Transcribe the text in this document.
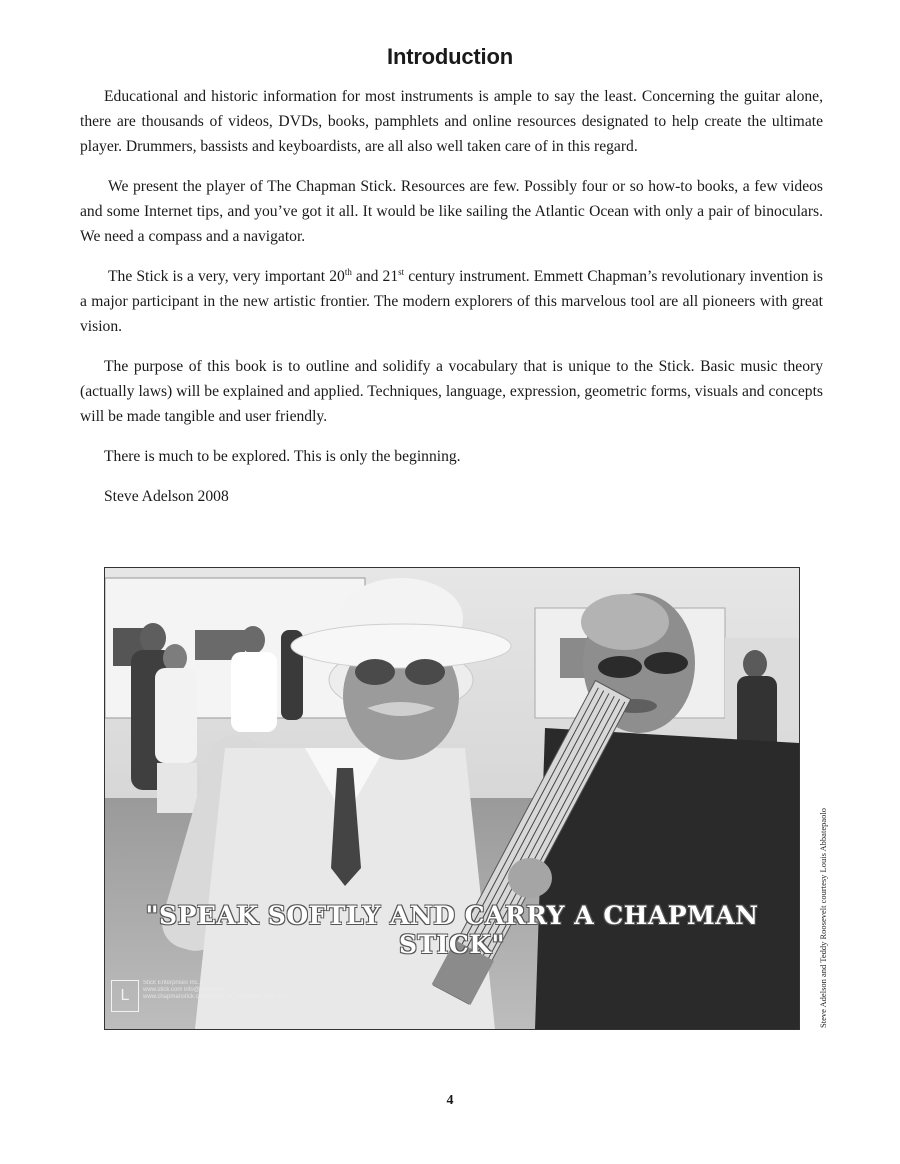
Introduction

Educational and historic information for most instruments is ample to say the least. Concerning the guitar alone, there are thousands of videos, DVDs, books, pamphlets and online resources designated to help create the ultimate player. Drummers, bassists and keyboardists, are all also well taken care of in this regard.

We present the player of The Chapman Stick. Resources are few. Possibly four or so how-to books, a few videos and some Internet tips, and you’ve got it all. It would be like sailing the Atlantic Ocean with only a pair of binoculars. We need a compass and a navigator.

The Stick is a very, very important 20th and 21st century instrument. Emmett Chapman’s revolutionary invention is a major participant in the new artistic frontier. The modern explorers of this marvelous tool are all pioneers with great vision.

The purpose of this book is to outline and solidify a vocabulary that is unique to the Stick. Basic music theory (actually laws) will be explained and applied. Techniques, language, expression, geometric forms, visuals and concepts will be made tangible and user friendly.

There is much to be explored. This is only the beginning.

Steve Adelson 2008

"SPEAK SOFTLY AND CARRY A CHAPMAN STICK"
L
Stick Enterprises Inc.
www.stick.com info@stick.com
www.chapmanstick.com/guide_to_chapman_stick.htm	Steve Adelson and Teddy Roosevelt courtesy Louis Abbatepaolo
4
